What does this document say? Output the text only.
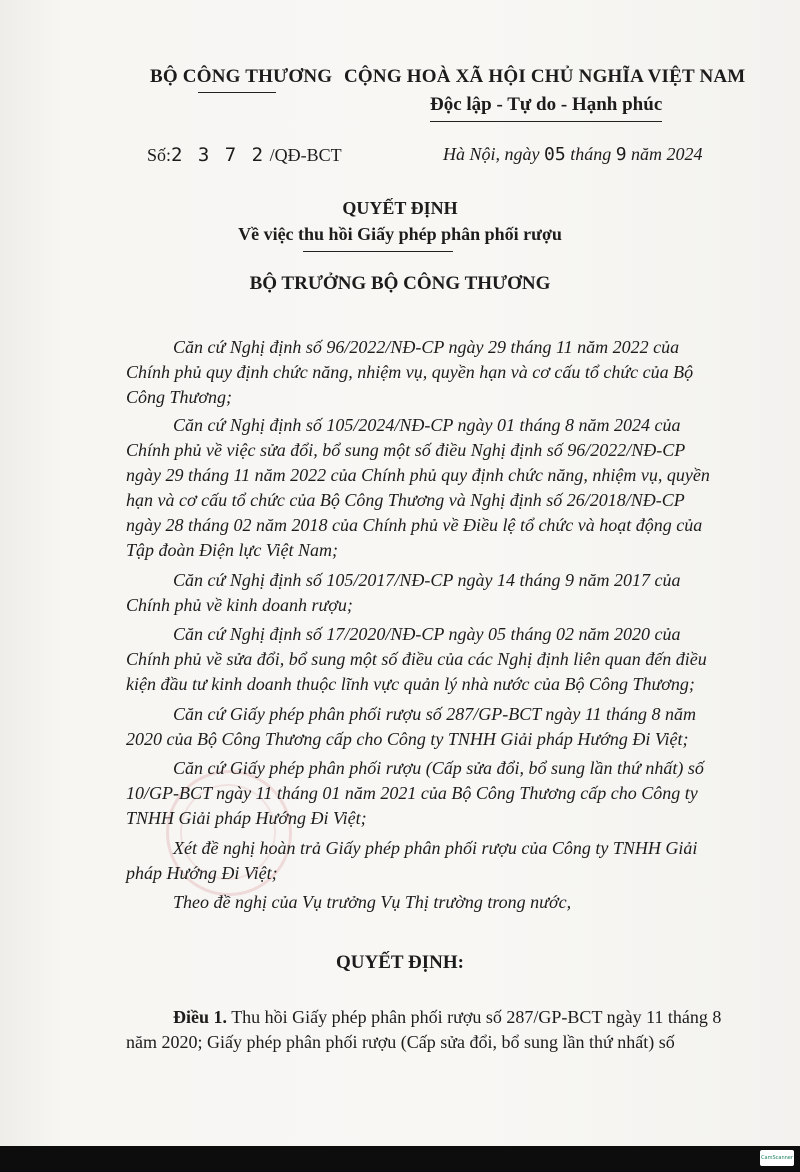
BỘ CÔNG THƯƠNG CỘNG HOÀ XÃ HỘI CHỦ NGHĨA VIỆT NAM
Độc lập - Tự do - Hạnh phúc
Số:2 3 7 2 /QĐ-BCT	Hà Nội, ngày 05 tháng 9 năm 2024
QUYẾT ĐỊNH
Về việc thu hồi Giấy phép phân phối rượu
BỘ TRƯỞNG BỘ CÔNG THƯƠNG
Căn cứ Nghị định số 96/2022/NĐ-CP ngày 29 tháng 11 năm 2022 của
Chính phủ quy định chức năng, nhiệm vụ, quyền hạn và cơ cấu tổ chức của Bộ
Công Thương;
Căn cứ Nghị định số 105/2024/NĐ-CP ngày 01 tháng 8 năm 2024 của
Chính phủ về việc sửa đổi, bổ sung một số điều Nghị định số 96/2022/NĐ-CP
ngày 29 tháng 11 năm 2022 của Chính phủ quy định chức năng, nhiệm vụ, quyền
hạn và cơ cấu tổ chức của Bộ Công Thương và Nghị định số 26/2018/NĐ-CP
ngày 28 tháng 02 năm 2018 của Chính phủ về Điều lệ tổ chức và hoạt động của
Tập đoàn Điện lực Việt Nam;
Căn cứ Nghị định số 105/2017/NĐ-CP ngày 14 tháng 9 năm 2017 của
Chính phủ về kinh doanh rượu;
Căn cứ Nghị định số 17/2020/NĐ-CP ngày 05 tháng 02 năm 2020 của
Chính phủ về sửa đổi, bổ sung một số điều của các Nghị định liên quan đến điều
kiện đầu tư kinh doanh thuộc lĩnh vực quản lý nhà nước của Bộ Công Thương;
Căn cứ Giấy phép phân phối rượu số 287/GP-BCT ngày 11 tháng 8 năm
2020 của Bộ Công Thương cấp cho Công ty TNHH Giải pháp Hướng Đi Việt;
Căn cứ Giấy phép phân phối rượu (Cấp sửa đổi, bổ sung lần thứ nhất) số
10/GP-BCT ngày 11 tháng 01 năm 2021 của Bộ Công Thương cấp cho Công ty
TNHH Giải pháp Hướng Đi Việt;
Xét đề nghị hoàn trả Giấy phép phân phối rượu của Công ty TNHH Giải
pháp Hướng Đi Việt;
Theo đề nghị của Vụ trưởng Vụ Thị trường trong nước,
QUYẾT ĐỊNH:
Điều 1. Thu hồi Giấy phép phân phối rượu số 287/GP-BCT ngày 11 tháng 8
năm 2020; Giấy phép phân phối rượu (Cấp sửa đổi, bổ sung lần thứ nhất) số
CamScanner
